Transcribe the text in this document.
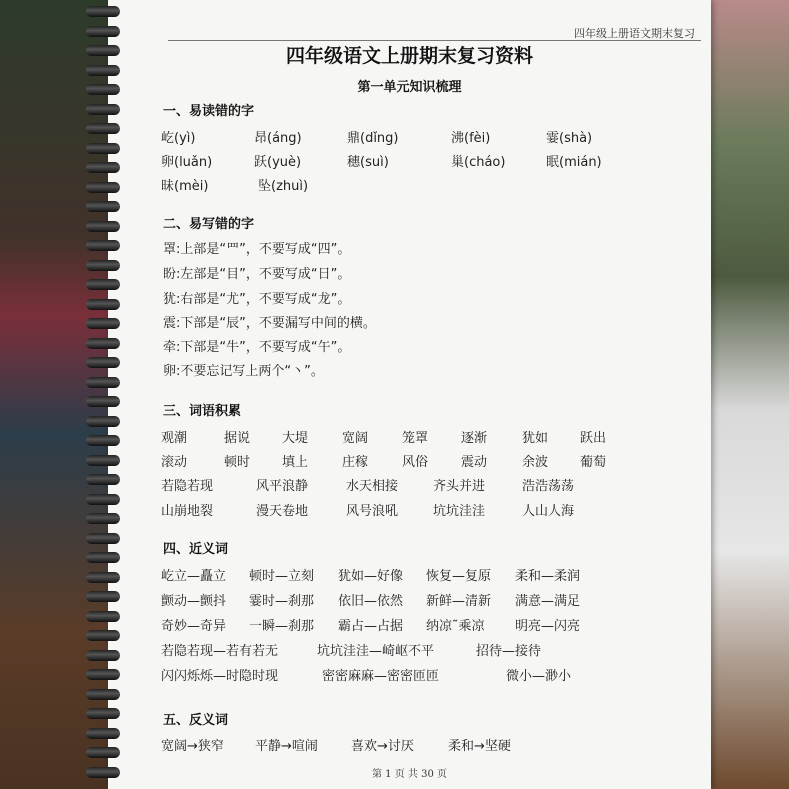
四年级上册语文期末复习
四年级语文上册期末复习资料
第一单元知识梳理
一、易读错的字
屹(yì)	昂(áng)	鼎(dǐng)	沸(fèi)	霎(shà)
卵(luǎn)	跃(yuè)	穗(suì)	巢(cháo)	眠(mián)
昧(mèi)	坠(zhuì)
二、易写错的字
罩:上部是“罒”，不要写成“四”。
盼:左部是“目”，不要写成“日”。
犹:右部是“尤”，不要写成“龙”。
震:下部是“辰”，不要漏写中间的横。
牵:下部是“牛”，不要写成“午”。
卵:不要忘记写上两个“丶”。
三、词语积累
观潮	据说 大堤	宽阔	笼罩	逐渐	犹如 跃出
滚动	顿时 填上	庄稼	风俗	震动	余波 葡萄
若隐若现	风平浪静	水天相接	齐头并进	浩浩荡荡
山崩地裂	漫天卷地	风号浪吼	坑坑洼洼	人山人海
四、近义词
屹立—矗立 顿时—立刻 犹如—好像 恢复—复原 柔和—柔润
颤动—颤抖 霎时—刹那 依旧—依然 新鲜—清新 满意—满足
奇妙—奇异 一瞬—刹那 霸占—占据 纳凉˜乘凉 明亮—闪亮
若隐若现—若有若无	坑坑洼洼—崎岖不平	招待—接待
闪闪烁烁—时隐时现	密密麻麻—密密匝匝	微小—渺小
五、反义词
宽阔→狭窄 平静→喧闹	喜欢→讨厌	柔和→坚硬
第 1 页 共 30 页
